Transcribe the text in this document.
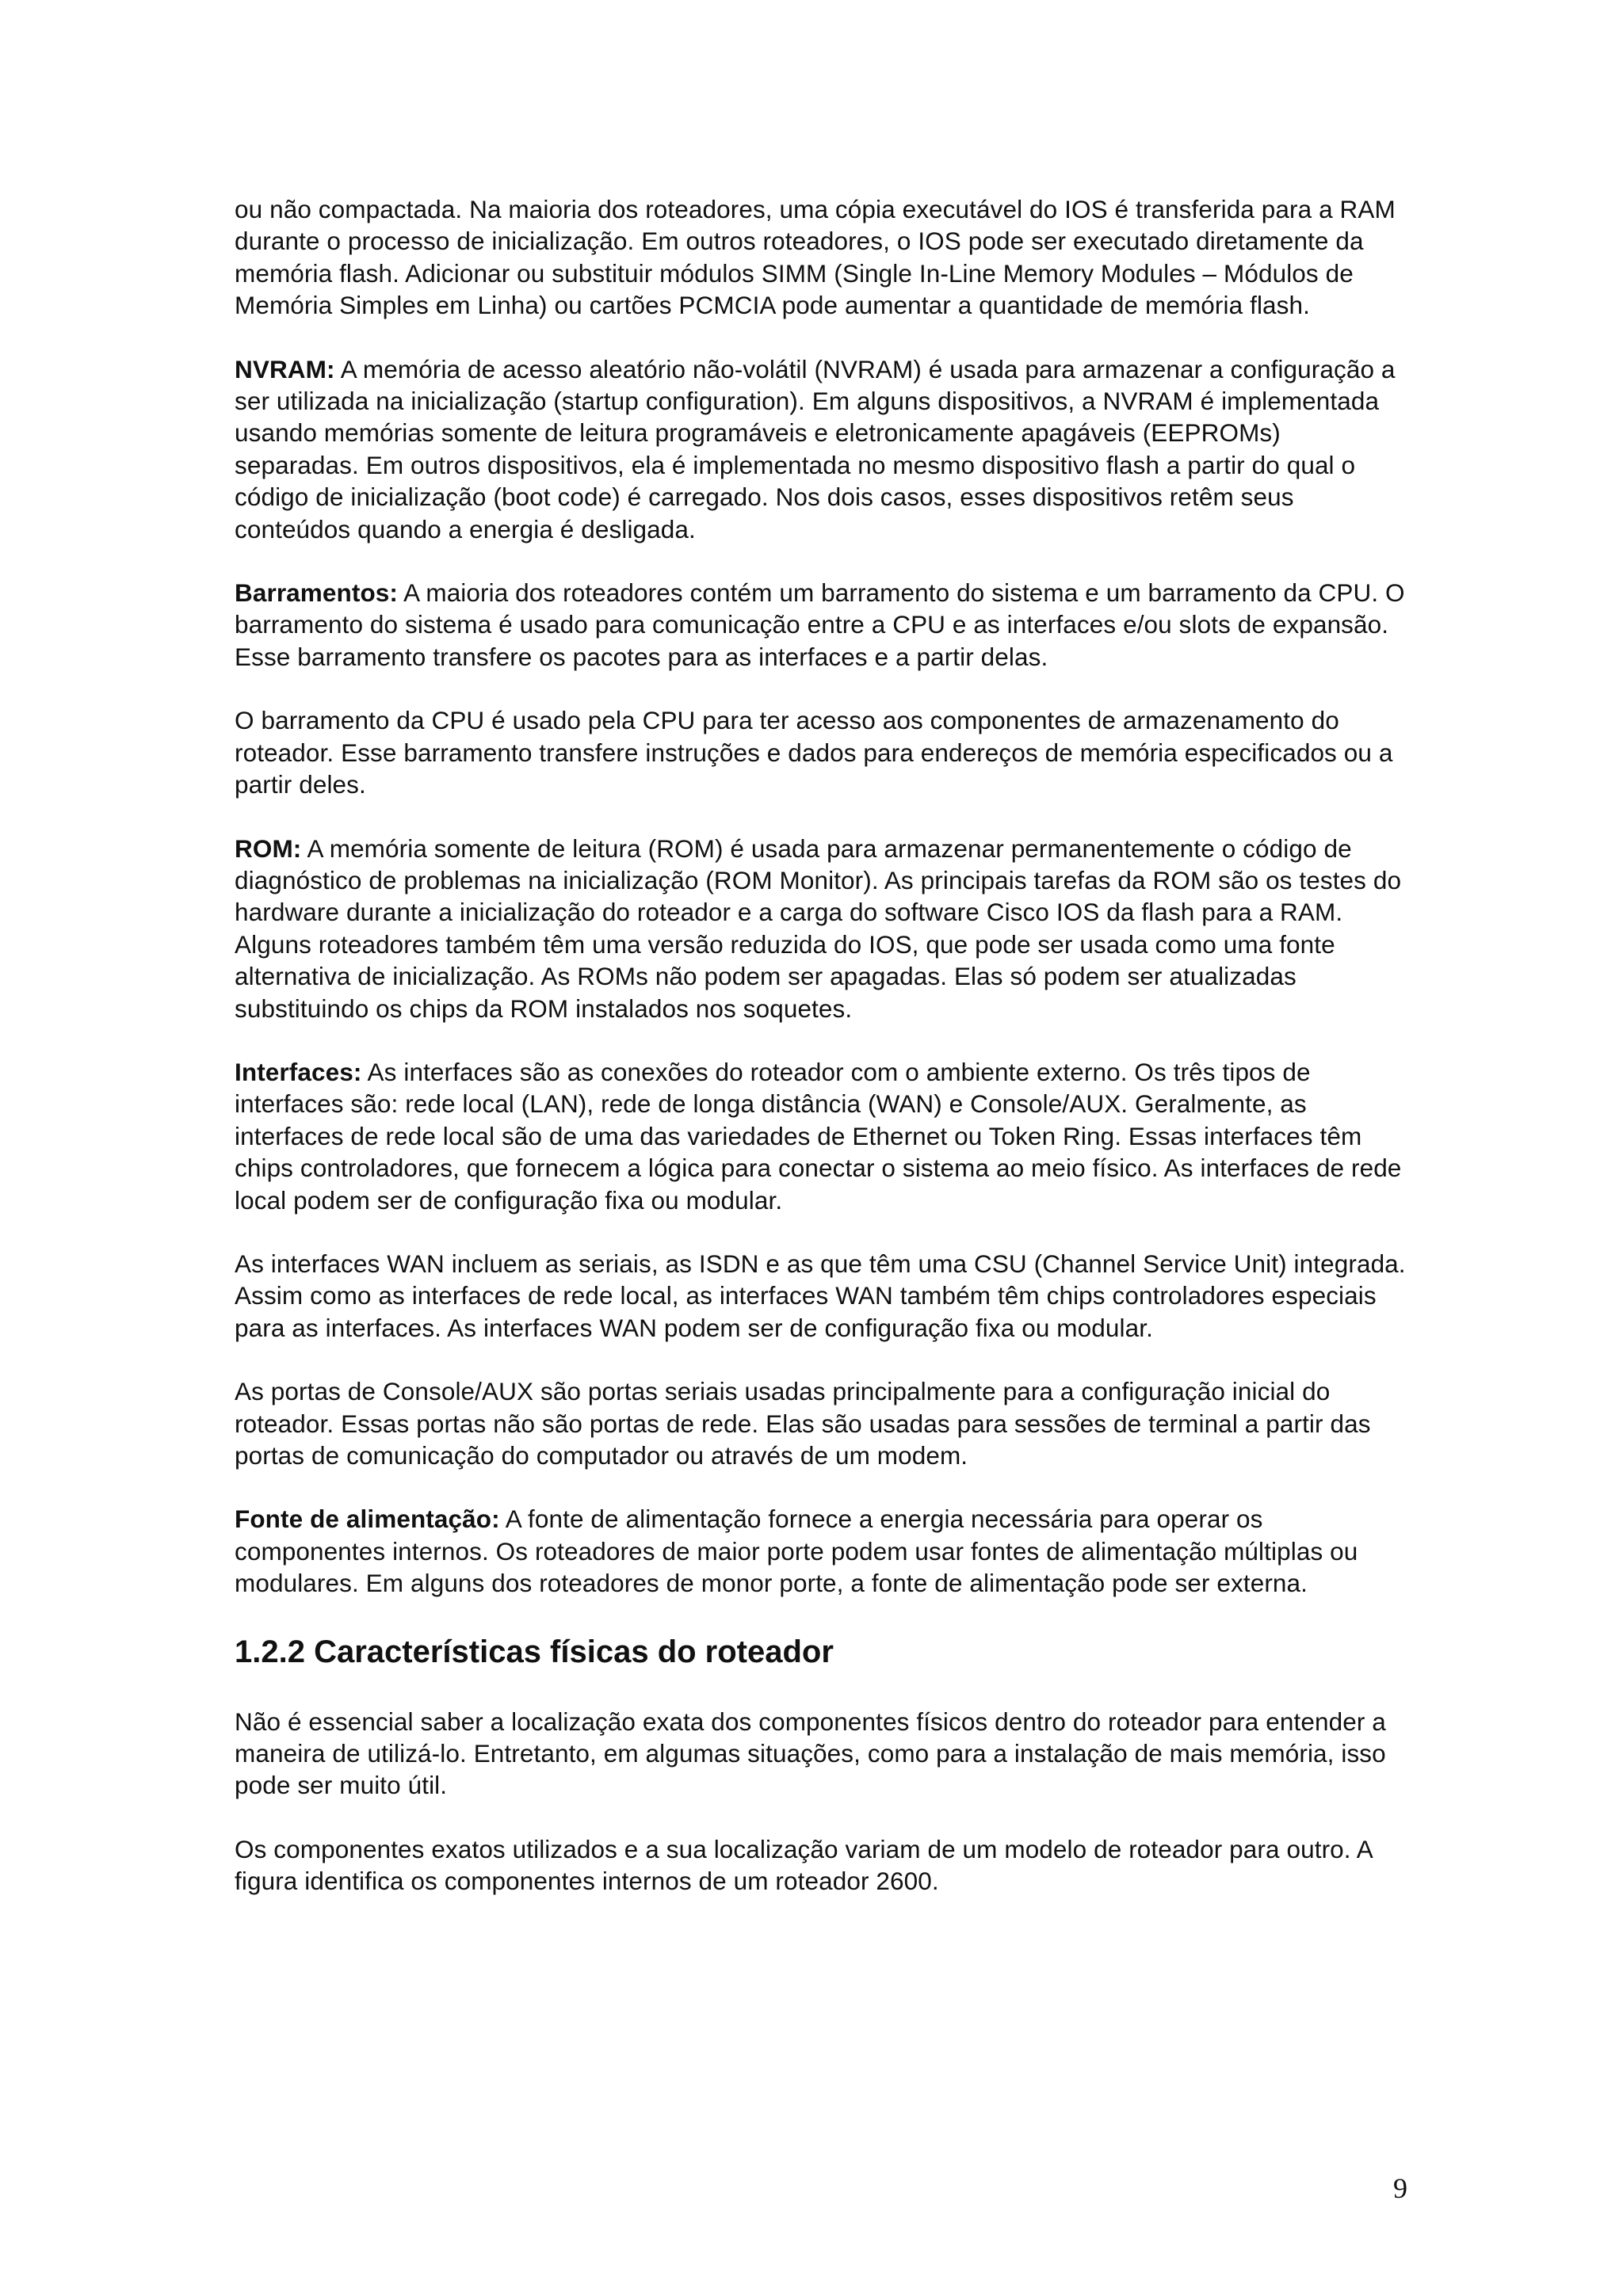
ou não compactada. Na maioria dos roteadores, uma cópia executável do IOS é transferida para a RAM durante o processo de inicialização. Em outros roteadores, o IOS pode ser executado diretamente da memória flash. Adicionar ou substituir módulos SIMM (Single In-Line Memory Modules – Módulos de Memória Simples em Linha) ou cartões PCMCIA pode aumentar a quantidade de memória flash.

NVRAM: A memória de acesso aleatório não-volátil (NVRAM) é usada para armazenar a configuração a ser utilizada na inicialização (startup configuration). Em alguns dispositivos, a NVRAM é implementada usando memórias somente de leitura programáveis e eletronicamente apagáveis (EEPROMs) separadas. Em outros dispositivos, ela é implementada no mesmo dispositivo flash a partir do qual o código de inicialização (boot code) é carregado. Nos dois casos, esses dispositivos retêm seus conteúdos quando a energia é desligada.

Barramentos: A maioria dos roteadores contém um barramento do sistema e um barramento da CPU. O barramento do sistema é usado para comunicação entre a CPU e as interfaces e/ou slots de expansão. Esse barramento transfere os pacotes para as interfaces e a partir delas.

O barramento da CPU é usado pela CPU para ter acesso aos componentes de armazenamento do roteador. Esse barramento transfere instruções e dados para endereços de memória especificados ou a partir deles.

ROM: A memória somente de leitura (ROM) é usada para armazenar permanentemente o código de diagnóstico de problemas na inicialização (ROM Monitor). As principais tarefas da ROM são os testes do hardware durante a inicialização do roteador e a carga do software Cisco IOS da flash para a RAM. Alguns roteadores também têm uma versão reduzida do IOS, que pode ser usada como uma fonte alternativa de inicialização. As ROMs não podem ser apagadas. Elas só podem ser atualizadas substituindo os chips da ROM instalados nos soquetes.

Interfaces: As interfaces são as conexões do roteador com o ambiente externo. Os três tipos de interfaces são: rede local (LAN), rede de longa distância (WAN) e Console/AUX. Geralmente, as interfaces de rede local são de uma das variedades de Ethernet ou Token Ring. Essas interfaces têm chips controladores, que fornecem a lógica para conectar o sistema ao meio físico. As interfaces de rede local podem ser de configuração fixa ou modular.

As interfaces WAN incluem as seriais, as ISDN e as que têm uma CSU (Channel Service Unit) integrada. Assim como as interfaces de rede local, as interfaces WAN também têm chips controladores especiais para as interfaces. As interfaces WAN podem ser de configuração fixa ou modular.

As portas de Console/AUX são portas seriais usadas principalmente para a configuração inicial do roteador. Essas portas não são portas de rede. Elas são usadas para sessões de terminal a partir das portas de comunicação do computador ou através de um modem.

Fonte de alimentação: A fonte de alimentação fornece a energia necessária para operar os componentes internos. Os roteadores de maior porte podem usar fontes de alimentação múltiplas ou modulares. Em alguns dos roteadores de monor porte, a fonte de alimentação pode ser externa.

1.2.2 Características físicas do roteador

Não é essencial saber a localização exata dos componentes físicos dentro do roteador para entender a maneira de utilizá-lo. Entretanto, em algumas situações, como para a instalação de mais memória, isso pode ser muito útil.

Os componentes exatos utilizados e a sua localização variam de um modelo de roteador para outro. A figura identifica os componentes internos de um roteador 2600.

9
